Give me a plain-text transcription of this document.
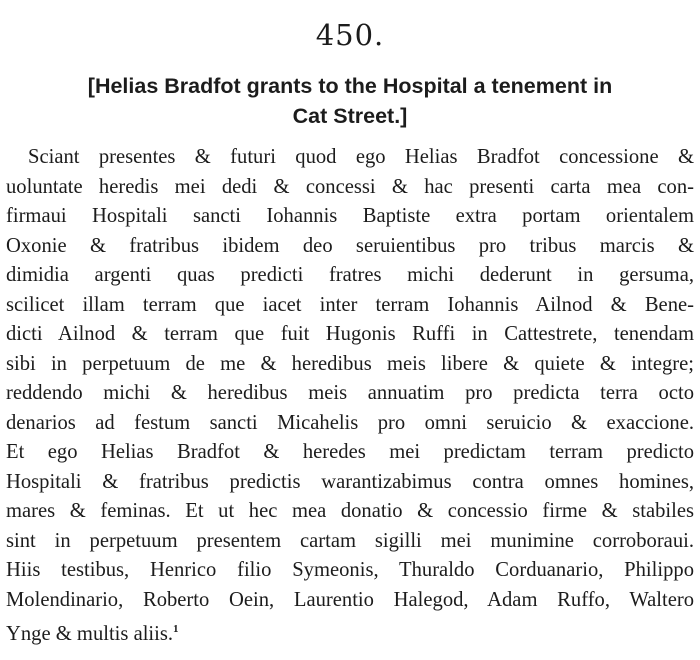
450.
[Helias Bradfot grants to the Hospital a tenement in
Cat Street.]
Sciant presentes & futuri quod ego Helias Bradfot concessione &
uoluntate heredis mei dedi & concessi & hac presenti carta mea con-
firmaui Hospitali sancti Iohannis Baptiste extra portam orientalem
Oxonie & fratribus ibidem deo seruientibus pro tribus marcis &
dimidia argenti quas predicti fratres michi dederunt in gersuma,
scilicet illam terram que iacet inter terram Iohannis Ailnod & Bene-
dicti Ailnod & terram que fuit Hugonis Ruffi in Cattestrete, tenendam
sibi in perpetuum de me & heredibus meis libere & quiete & integre;
reddendo michi & heredibus meis annuatim pro predicta terra octo
denarios ad festum sancti Micahelis pro omni seruicio & exaccione.
Et ego Helias Bradfot & heredes mei predictam terram predicto
Hospitali & fratribus predictis warantizabimus contra omnes homines,
mares & feminas. Et ut hec mea donatio & concessio firme & stabiles
sint in perpetuum presentem cartam sigilli mei munimine corroboraui.
Hiis testibus, Henrico filio Symeonis, Thuraldo Corduanario, Philippo
Molendinario, Roberto Oein, Laurentio Halegod, Adam Ruffo, Waltero
Ynge & multis aliis.$^1$
